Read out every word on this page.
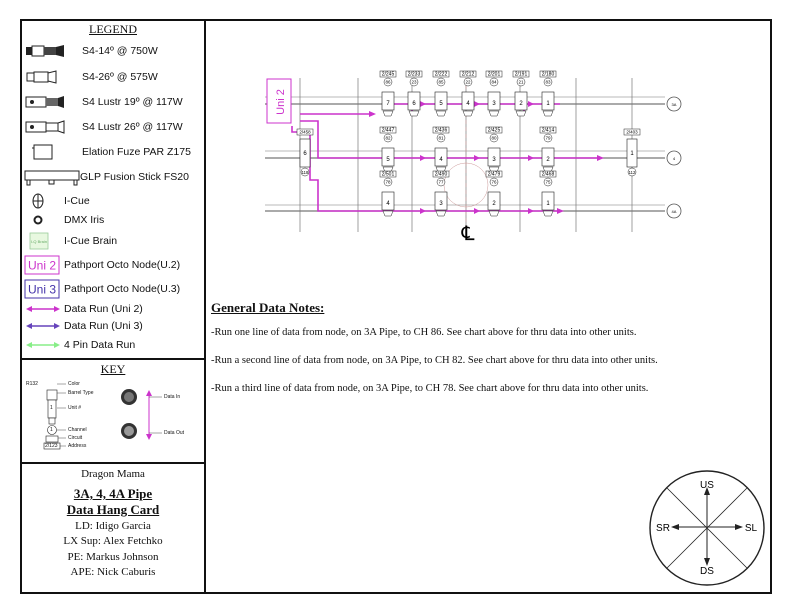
LEGEND
S4-14º @ 750W
S4-26º @ 575W
S4 Lustr 19º @ 117W
S4 Lustr 26º @ 117W
Elation Fuze PAR Z175
GLP Fusion Stick FS20
I-Cue
DMX Iris
I-Q Brain I-Cue Brain
Uni 2 Pathport Octo Node(U.2)
Uni 3 Pathport Octo Node(U.3)
Data Run (Uni 2)
Data Run (Uni 3)
4 Pin Data Run
KEY
R132	Color
Barrel Type
1	Unit #
1	Channel
Circuit
2/123 Address
Data In
Data Out
Dragon Mama
3A, 4, 4A Pipe
Data Hang Card
LD: Idigo Garcia
LX Sup: Alex Fetchko
PE: Markus Johnson
APE: Nick Caburis
Uni 2
2/245
86
7
2/233
23
6
2/222
85
5
2/212
22
4
2/201
84
3
2/191
21
2
2/180
83
1
2/447
82
5
2/436
81
4
2/425
80
3
2/414
79
2
2/501
78
4
2/490
77
3
2/479
76
2
2/468
75
1
2/458
6
118
2/403
1
112
3A
4
4A
℄
US
DS
SR	SL
General Data Notes:
-Run one line of data from node, on 3A Pipe, to CH 86. See chart above for thru data into other units.
-Run a second line of data from node, on 3A Pipe, to CH 82. See chart above for thru data into other units.
-Run a third line of data from node, on 3A Pipe, to CH 78. See chart above for thru data into other units.
